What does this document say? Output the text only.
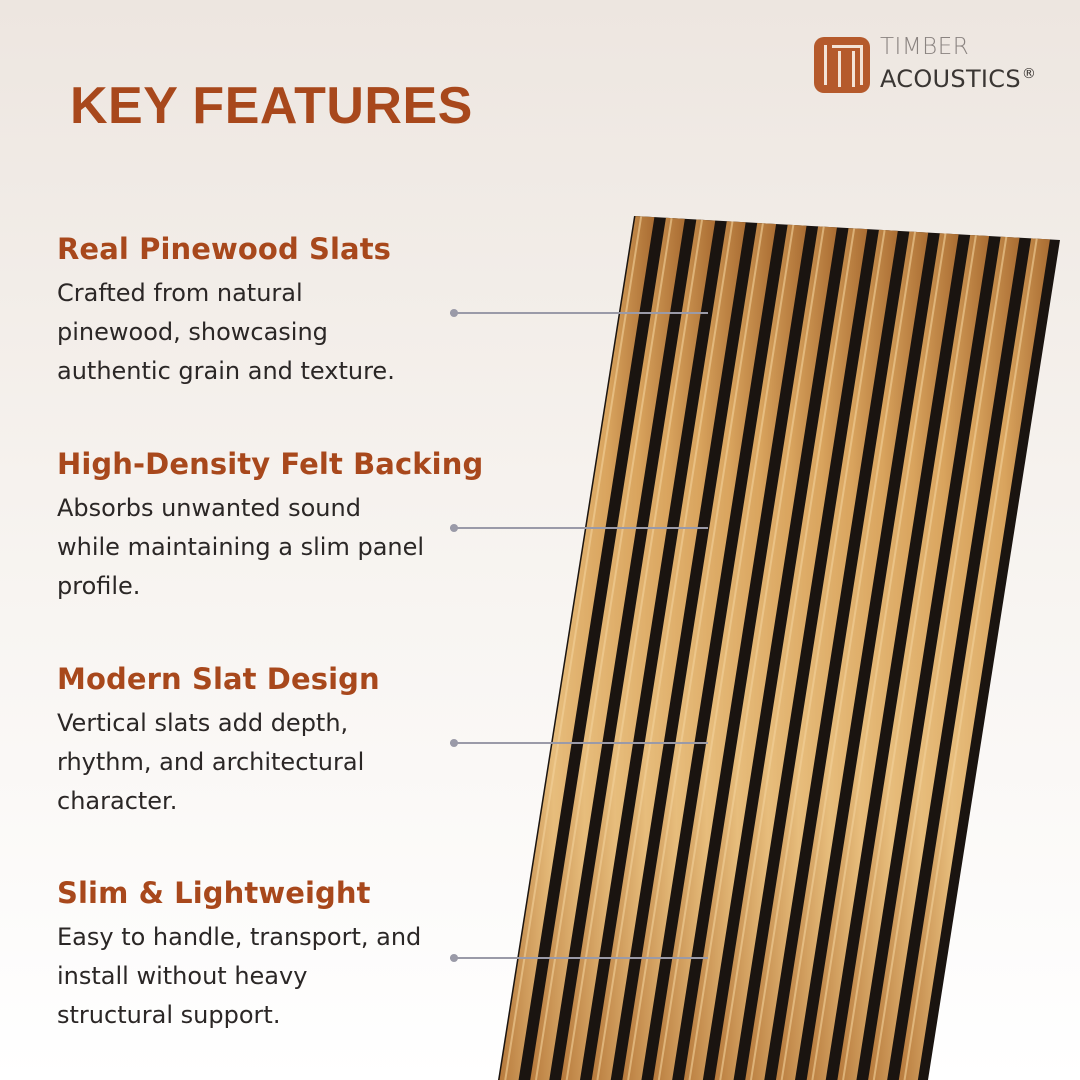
TIMBER
ACOUSTICS®
KEY FEATURES
Real Pinewood Slats

Crafted from natural pinewood, showcasing authentic grain and texture.

High-Density Felt Backing

Absorbs unwanted sound while maintaining a slim panel profile.

Modern Slat Design

Vertical slats add depth, rhythm, and architectural character.

Slim & Lightweight

Easy to handle, transport, and install without heavy structural support.
